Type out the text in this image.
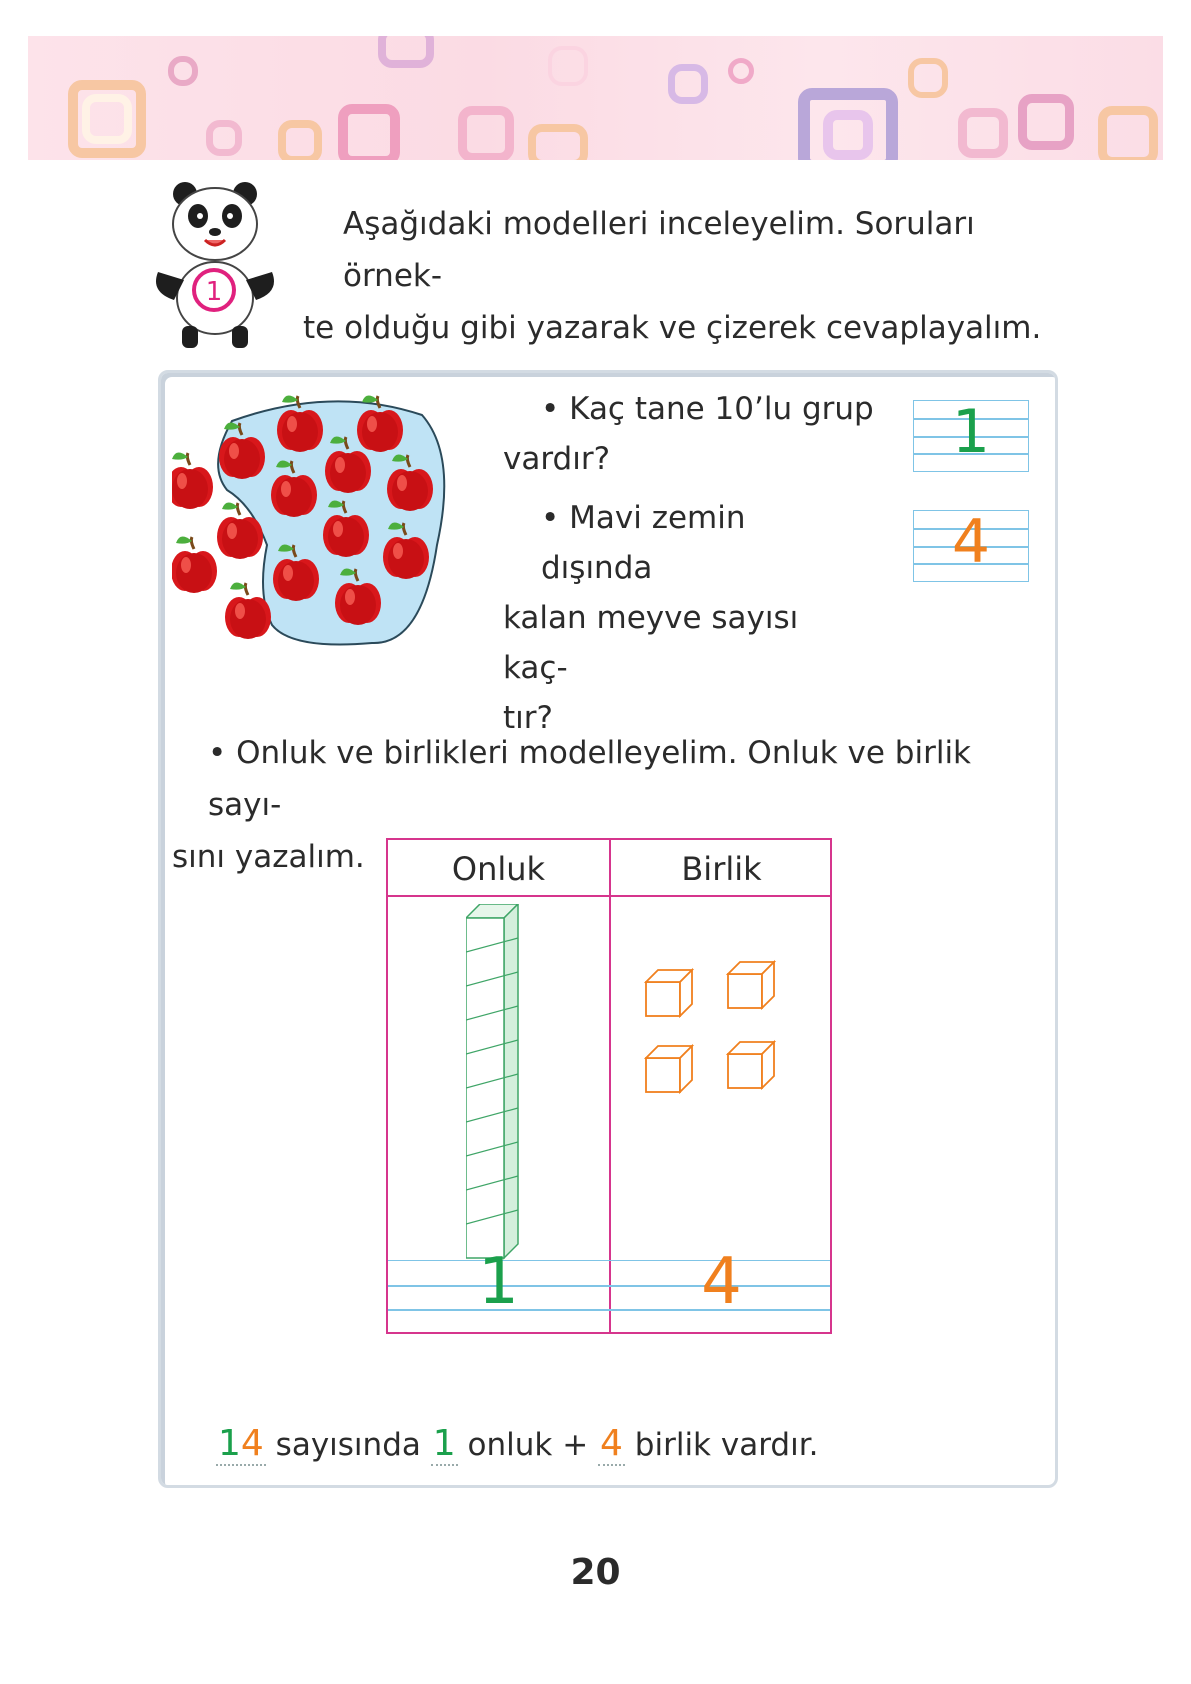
1
Aşağıdaki modelleri inceleyelim. Soruları örnek-
te olduğu gibi yazarak ve çizerek cevaplayalım.
• Kaç tane 10’lu grup
vardır?	1
• Mavi zemin dışında
kalan meyve sayısı kaç-
tır?
4
• Onluk ve birlikleri modelleyelim. Onluk ve birlik sayı-
sını yazalım.	Onluk	Birlik
1	4
14 sayısında 1 onluk + 4 birlik vardır.
20
